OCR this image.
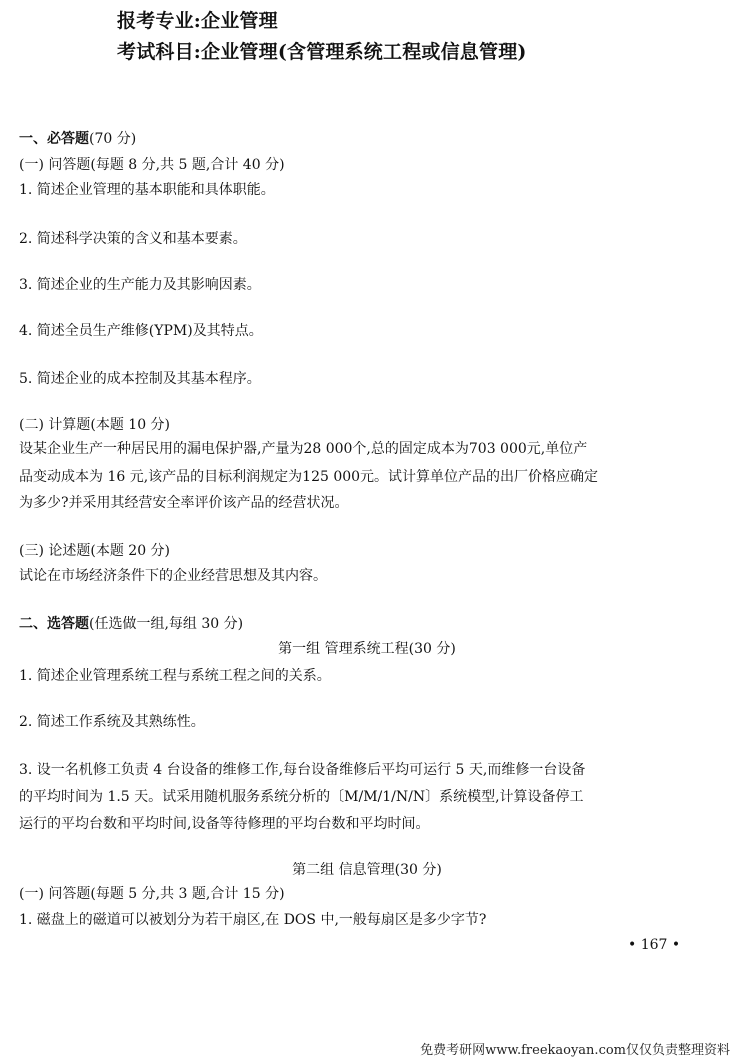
报考专业:企业管理
考试科目:企业管理(含管理系统工程或信息管理)
一、必答题(70 分)
(一) 问答题(每题 8 分,共 5 题,合计 40 分)
1. 简述企业管理的基本职能和具体职能。
2. 简述科学决策的含义和基本要素。
3. 简述企业的生产能力及其影响因素。
4. 简述全员生产维修(YPM)及其特点。
5. 简述企业的成本控制及其基本程序。
(二) 计算题(本题 10 分)
设某企业生产一种居民用的漏电保护器,产量为28 000个,总的固定成本为703 000元,单位产
品变动成本为 16 元,该产品的目标利润规定为125 000元。试计算单位产品的出厂价格应确定
为多少?并采用其经营安全率评价该产品的经营状况。
(三) 论述题(本题 20 分)
试论在市场经济条件下的企业经营思想及其内容。
二、选答题(任选做一组,每组 30 分)
第一组 管理系统工程(30 分)
1. 简述企业管理系统工程与系统工程之间的关系。
2. 简述工作系统及其熟练性。
3. 设一名机修工负责 4 台设备的维修工作,每台设备维修后平均可运行 5 天,而维修一台设备
的平均时间为 1.5 天。试采用随机服务系统分析的〔M/M/1/N/N〕系统模型,计算设备停工
运行的平均台数和平均时间,设备等待修理的平均台数和平均时间。
第二组 信息管理(30 分)
(一) 问答题(每题 5 分,共 3 题,合计 15 分)
1. 磁盘上的磁道可以被划分为若干扇区,在 DOS 中,一般每扇区是多少字节?
• 167 •
免费考研网www.freekaoyan.com仅仅负责整理资料
